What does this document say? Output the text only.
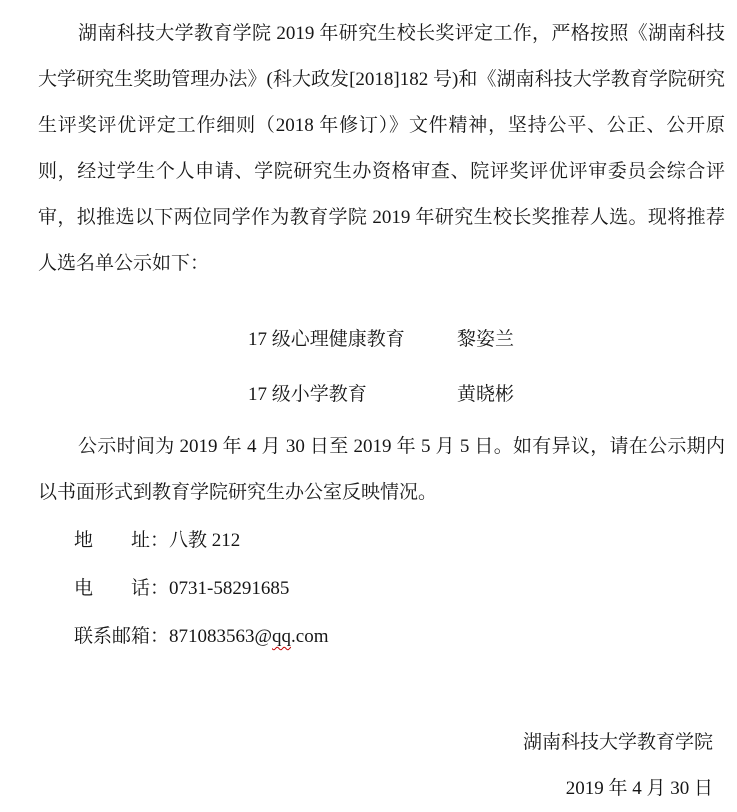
湖南科技大学教育学院 2019 年研究生校长奖评定工作，严格按照《湖南科技大学研究生奖助管理办法》(科大政发[2018]182 号)和《湖南科技大学教育学院研究生评奖评优评定工作细则（2018 年修订）》文件精神，坚持公平、公正、公开原则，经过学生个人申请、学院研究生办资格审查、院评奖评优评审委员会综合评审，拟推选以下两位同学作为教育学院 2019 年研究生校长奖推荐人选。现将推荐人选名单公示如下：

17 级心理健康教育	黎姿兰
17 级小学教育	黄晓彬

公示时间为 2019 年 4 月 30 日至 2019 年 5 月 5 日。如有异议，请在公示期内以书面形式到教育学院研究生办公室反映情况。

地　　址：八教 212
电　　话：0731-58291685
联系邮箱：871083563@qq.com
湖南科技大学教育学院
2019 年 4 月 30 日
